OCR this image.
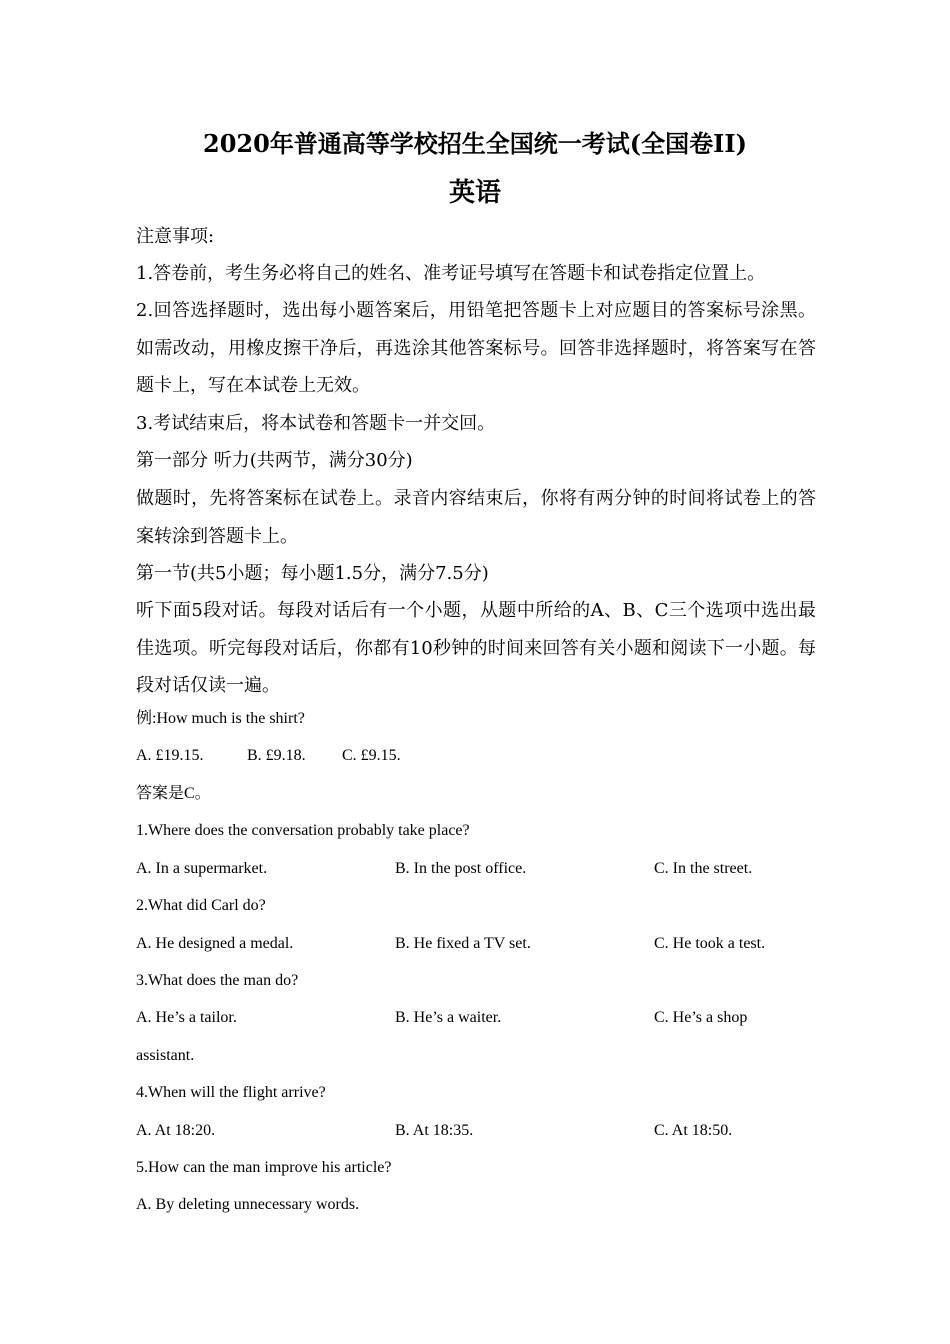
2020年普通高等学校招生全国统一考试(全国卷II)
英语
注意事项:
1.答卷前，考生务必将自己的姓名、准考证号填写在答题卡和试卷指定位置上。
2.回答选择题时，选出每小题答案后，用铅笔把答题卡上对应题目的答案标号涂黑。如需改动，用橡皮擦干净后，再选涂其他答案标号。回答非选择题时，将答案写在答题卡上，写在本试卷上无效。
3.考试结束后，将本试卷和答题卡一并交回。
第一部分 听力(共两节，满分30分)
做题时，先将答案标在试卷上。录音内容结束后，你将有两分钟的时间将试卷上的答案转涂到答题卡上。
第一节(共5小题；每小题1.5分，满分7.5分)
听下面5段对话。每段对话后有一个小题，从题中所给的A、B、C三个选项中选出最佳选项。听完每段对话后，你都有10秒钟的时间来回答有关小题和阅读下一小题。每段对话仅读一遍。
例:How much is the shirt?
A. £19.15.	B. £9.18. C. £9.15.
答案是C。
1.Where does the conversation probably take place?
A. In a supermarket.	B. In the post office.	C. In the street.
2.What did Carl do?
A. He designed a medal.	B. He fixed a TV set.	C. He took a test.
3.What does the man do?
A. He’s a tailor.	B. He’s a waiter.	C. He’s a shop
assistant.
4.When will the flight arrive?
A. At 18:20.	B. At 18:35.	C. At 18:50.
5.How can the man improve his article?
A. By deleting unnecessary words.
